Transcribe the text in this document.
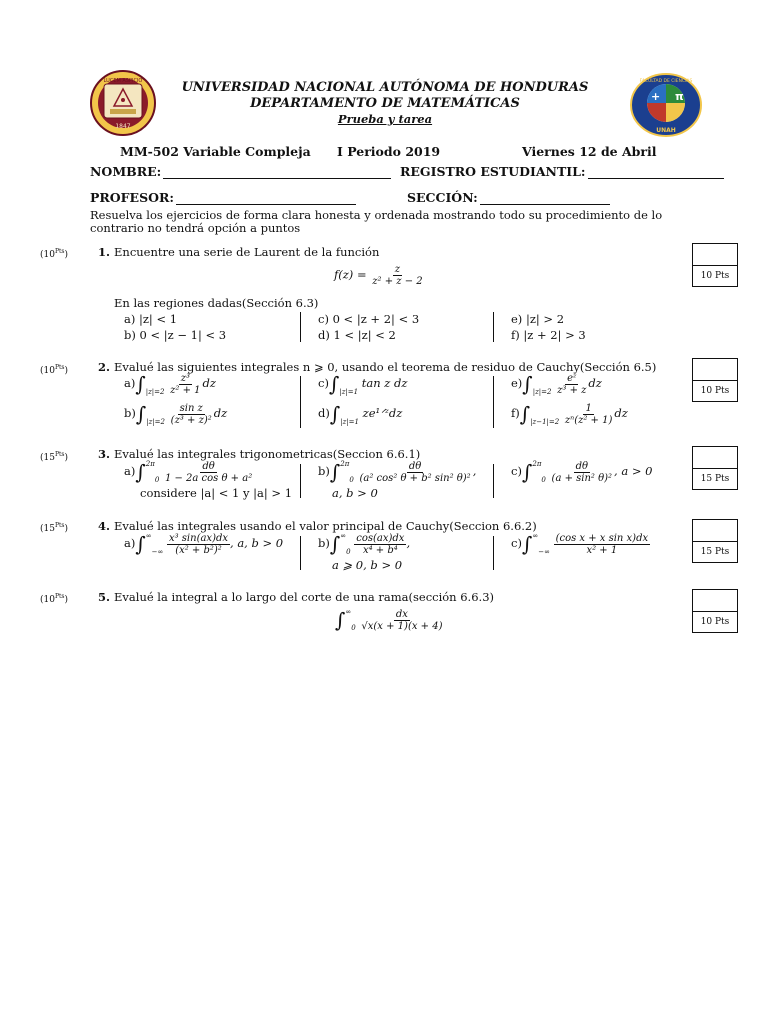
LUCEM ASPICIO
1847
π
+
FACULTAD DE CIENCIAS
UNAH
UNIVERSIDAD NACIONAL AUTÓNOMA DE HONDURAS
DEPARTAMENTO DE MATEMÁTICAS
Prueba y tarea
MM-502 Variable Compleja I Periodo 2019	Viernes 12 de Abril
NOMBRE:	REGISTRO ESTUDIANTIL:
PROFESOR:	SECCIÓN:
Resuelva los ejercicios de forma clara honesta y ordenada mostrando todo su procedimiento de lo contrario no tendrá opción a puntos
$(10^{Pts})$	1. Encuentre una serie de Laurent de la función
10 Pts
$f(z) = \frac{z}{\text{z² + z − 2}}$
En las regiones dadas(Sección 6.3)
a) |z| < 1	c) 0 < |z + 2| < 3	e) |z| > 2
b) 0 < |z − 1| < 3	d) 1 < |z| < 2	f) |z + 2| > 3
$(10^{Pts})$	2. Evalué las siguientes integrales n ⩾ 0, usando el teorema de residuo de Cauchy(Sección 6.5)
10 Pts
$a)\int|z|=2 \frac{\text{z³}}{\text{z² + 1}}$ dz	c)∫|z|=1 tan z dz	$e)\int|z|=2 \frac{\text{eᶻ}}{\text{z³ + z}}$ dz
$b)\int|z|=2 \frac{\text{sin z}}{\text{(z³ + z)²}}$ dz	d)∫|z|=1 ze¹ᐟᶻdz	$f)\int|z-1|=2 \frac{1}{\text{zⁿ(z² + 1)}}$ dz
$(15^{Pts})$	3. Evalué las integrales trigonometricas(Seccion 6.6.1)
15 Pts
$a)\int^{2\pi}0 \frac{d\theta}{\text{1 − 2a cos θ + a²}}$
considere |a| < 1 y |a| > 1
$b)\int^{2\pi}0 \frac{d\theta}{\text{(a² cos² θ + b² sin² θ)²}}$ ,
a, b > 0
$c)\int^{2\pi}0 \frac{d\theta}{\text{(a + sin² θ)²}}$ , a > 0
$(15^{Pts})$	4. Evalué las integrales usando el valor principal de Cauchy(Seccion 6.6.2)
15 Pts
$a)\int^\infty-\infty \frac{\text{x³ sin(ax)dx}}{\text{(x² + b²)²}}$ , a, b > 0	$b)\int^\infty 0 \frac{\cos(ax)dx}{\text{x⁴ + b⁴}}$ ,
a ⩾ 0, b > 0
$c)\int^\infty-\infty \frac{\text{(cos x + x sin x)dx}}{\text{x² + 1}}$
$(10^{Pts})$	5. Evalué la integral a lo largo del corte de una rama(sección 6.6.3)
10 Pts
$\int^\infty 0 \frac{dx}{√x(x + 1)(x + 4)}$
